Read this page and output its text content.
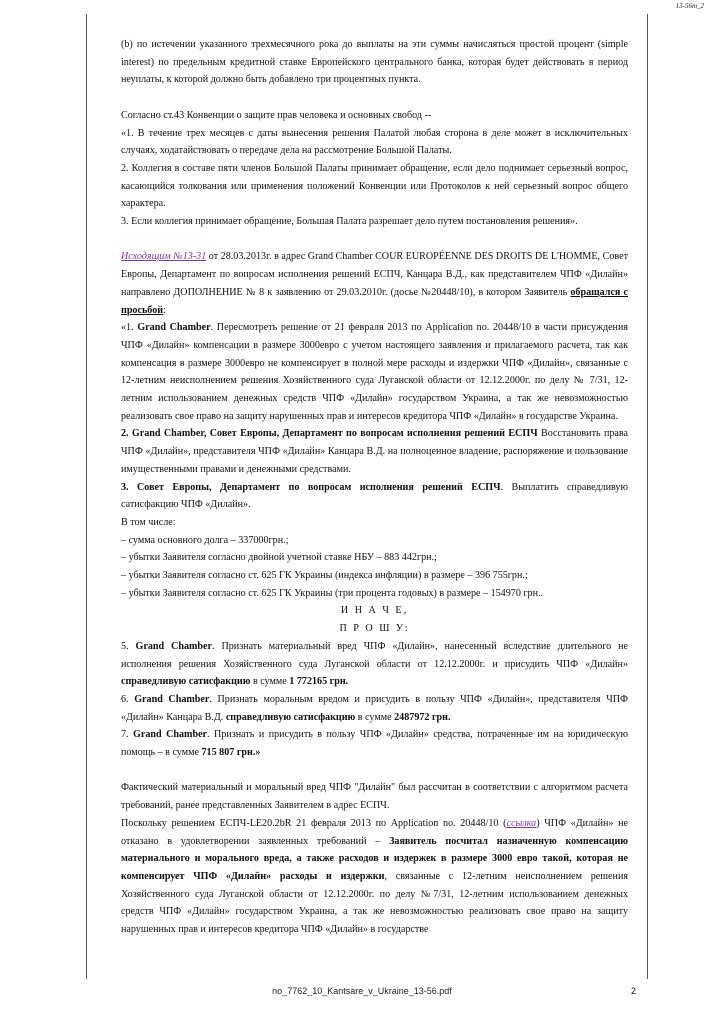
13-56т_2

(b) по истечении указанного трехмесячного рока до выплаты на эти суммы начисляться простой процент (simple interest) по предельным кредитной ставке Европейского центрального банка, которая будет действовать в период неуплаты, к которой должно быть добавлено три процентных пункта.

Согласно ст.43 Конвенции о защите прав человека и основных свобод --

«1. В течение трех месяцев с даты вынесения решения Палатой любая сторона в деле может в исключительных случаях, ходатайствовать о передаче дела на рассмотрение Большой Палаты.

2. Коллегия в составе пяти членов Большой Палаты принимает обращение, если дело поднимает серьезный вопрос, касающийся толкования или применения положений Конвенции или Протоколов к ней серьезный вопрос общего характера.

3. Если коллегия принимает обращение, Большая Палата разрешает дело путем постановления решения».

Исходящим №13-31 от 28.03.2013г. в адрес Grand Chamber COUR EUROPÉENNE DES DROITS DE L'HOMME, Совет Европы, Департамент по вопросам исполнения решений ЕСПЧ, Канцара В.Д., как представителем ЧПФ «Дилайн» направлено ДОПОЛНЕНИЕ № 8 к заявлению от 29.03.2010г. (досье №20448/10), в котором Заявитель обращался с просьбой:

«1. Grand Chamber. Пересмотреть решение от 21 февраля 2013 по Application no. 20448/10 в части присуждения ЧПФ «Дилайн» компенсации в размере 3000евро с учетом настоящего заявления и прилагаемого расчета, так как компенсация в размере 3000евро не компенсирует в полной мере расходы и издержки ЧПФ «Дилайн», связанные с 12-летним неисполнением решения Хозяйственного суда Луганской области от 12.12.2000г. по делу № 7/31, 12-летним использованием денежных средств ЧПФ «Дилайн» государством Украина, а так же невозможностью реализовать свое право на защиту нарушенных прав и интересов кредитора ЧПФ «Дилайн» в государстве Украина.

2. Grand Chamber, Совет Европы, Департамент по вопросам исполнения решений ЕСПЧ Восстановить права ЧПФ «Дилайн», представителя ЧПФ «Дилайн» Канцара В.Д. на полноценное владение, распоряжение и пользование имущественными правами и денежными средствами.

3. Совет Европы, Департамент по вопросам исполнения решений ЕСПЧ. Выплатить справедливую сатисфакцию ЧПФ «Дилайн».

В том числе:

– сумма основного долга – 337000грн.;

– убытки Заявителя согласно двойной учетной ставке НБУ – 883 442грн.;

– убытки Заявителя согласно ст. 625 ГК Украины (индекса инфляции) в размере – 396 755грн.;

– убытки Заявителя согласно ст. 625 ГК Украины (три процента годовых) в размере – 154970 грн..

И Н А Ч Е,

П Р О Ш У:

5. Grand Chamber. Признать материальный вред ЧПФ «Дилайн», нанесенный вследствие длительного не исполнения решения Хозяйственного суда Луганской области от 12.12.2000г. и присудить ЧПФ «Дилайн» справедливую сатисфакцию в сумме 1 772165 грн.

6. Grand Chamber. Признать моральным вредом и присудить в пользу ЧПФ «Дилайн», представителя ЧПФ «Дилайн» Канцара В.Д. справедливую сатисфакцию в сумме 2487972 грн.

7. Grand Chamber. Признать и присудить в пользу ЧПФ «Дилайн» средства, потраченные им на юридическую помощь – в сумме 715 807 грн.»

Фактический материальный и моральный вред ЧПФ "Дилайн" был рассчитан в соответствии с алгоритмом расчета требований, ранее представленных Заявителем в адрес ЕСПЧ.

Поскольку решением ЕСПЧ-LE20.2bR 21 февраля 2013 по Application no. 20448/10 (ссылка) ЧПФ «Дилайн» не отказано в удовлетворении заявленных требований – Заявитель посчитал назначенную компенсацию материального и морального вреда, а также расходов и издержек в размере 3000 евро такой, которая не компенсирует ЧПФ «Дилайн» расходы и издержки, связанные с 12-летним неисполнением решения Хозяйственного суда Луганской области от 12.12.2000г. по делу №7/31, 12-летним использованием денежных средств ЧПФ «Дилайн» государством Украина, а так же невозможностью реализовать свое право на защиту нарушенных прав и интересов кредитора ЧПФ «Дилайн» в государстве

no_7762_10_Kantsare_v_Ukraine_13-56.pdf	2
